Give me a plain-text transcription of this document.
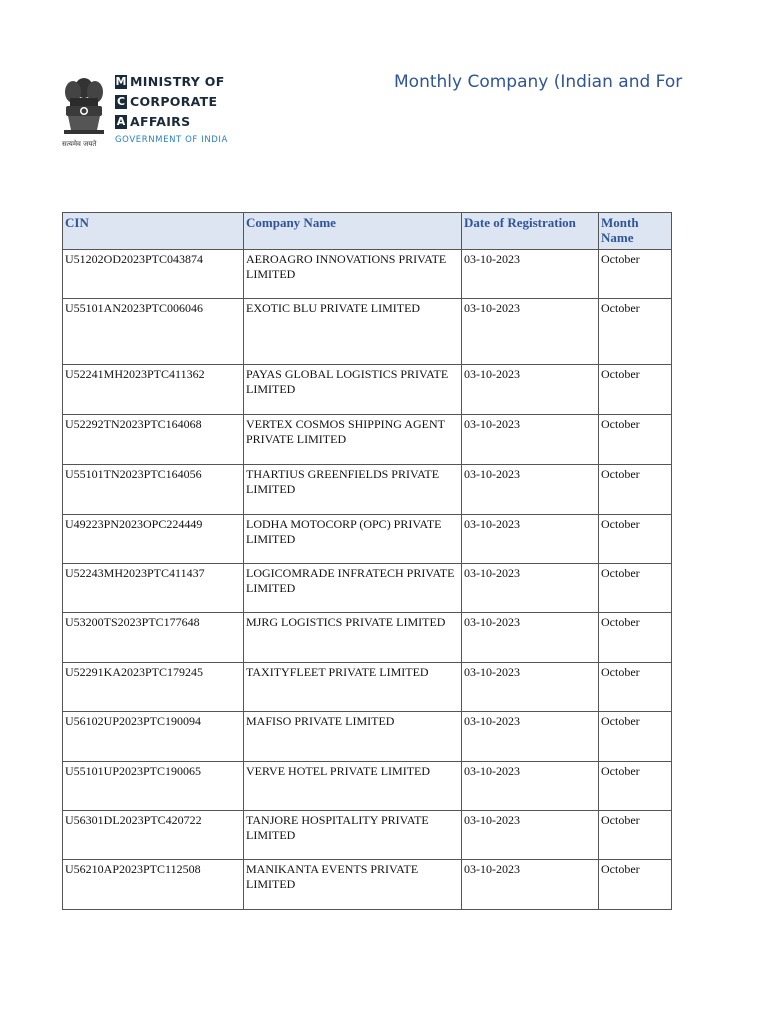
सत्यमेव जयते
M MINISTRY OF
C CORPORATE
A AFFAIRS
GOVERNMENT OF INDIA
Monthly Company (Indian and For
CIN	Company Name	Date of Registration	Month Name
U51202OD2023PTC043874	AEROAGRO INNOVATIONS PRIVATE LIMITED	03-10-2023	October
U55101AN2023PTC006046	EXOTIC BLU PRIVATE LIMITED	03-10-2023	October
U52241MH2023PTC411362	PAYAS GLOBAL LOGISTICS PRIVATE LIMITED	03-10-2023	October
U52292TN2023PTC164068	VERTEX COSMOS SHIPPING AGENT PRIVATE LIMITED	03-10-2023	October
U55101TN2023PTC164056	THARTIUS GREENFIELDS PRIVATE LIMITED	03-10-2023	October
U49223PN2023OPC224449	LODHA MOTOCORP (OPC) PRIVATE LIMITED	03-10-2023	October
U52243MH2023PTC411437	LOGICOMRADE INFRATECH PRIVATE LIMITED	03-10-2023	October
U53200TS2023PTC177648	MJRG LOGISTICS PRIVATE LIMITED	03-10-2023	October
U52291KA2023PTC179245	TAXITYFLEET PRIVATE LIMITED	03-10-2023	October
U56102UP2023PTC190094	MAFISO PRIVATE LIMITED	03-10-2023	October
U55101UP2023PTC190065	VERVE HOTEL PRIVATE LIMITED	03-10-2023	October
U56301DL2023PTC420722	TANJORE HOSPITALITY PRIVATE LIMITED	03-10-2023	October
U56210AP2023PTC112508	MANIKANTA EVENTS PRIVATE LIMITED	03-10-2023	October
